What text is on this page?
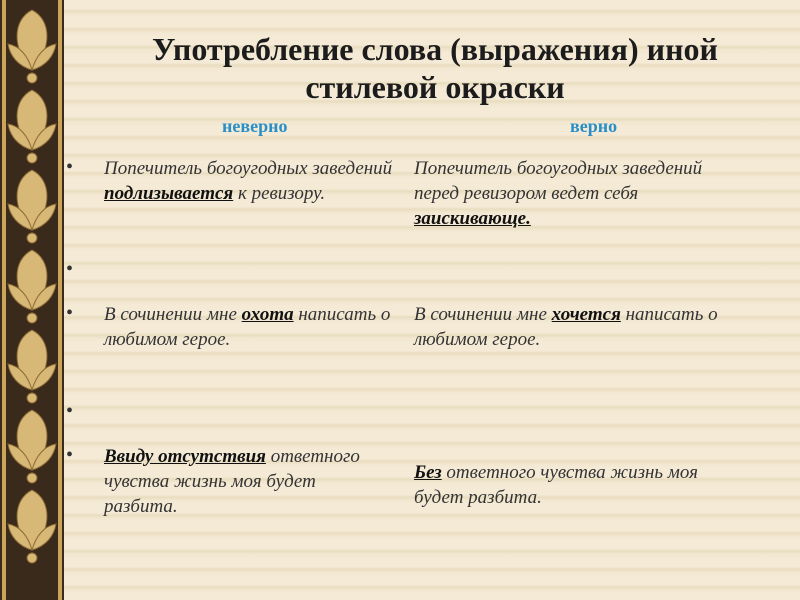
Употребление слова (выражения) иной стилевой окраски
неверно	верно
•
•
•
•
•
Попечитель богоугодных заведений подлизывается к ревизору.
Попечитель богоугодных заведений перед ревизором ведет себя заискивающе.
В сочинении мне охота написать о любимом герое.
В сочинении мне хочется написать о любимом герое.
Ввиду отсутствия ответного чувства жизнь моя будет разбита.
Без ответного чувства жизнь моя будет разбита.
